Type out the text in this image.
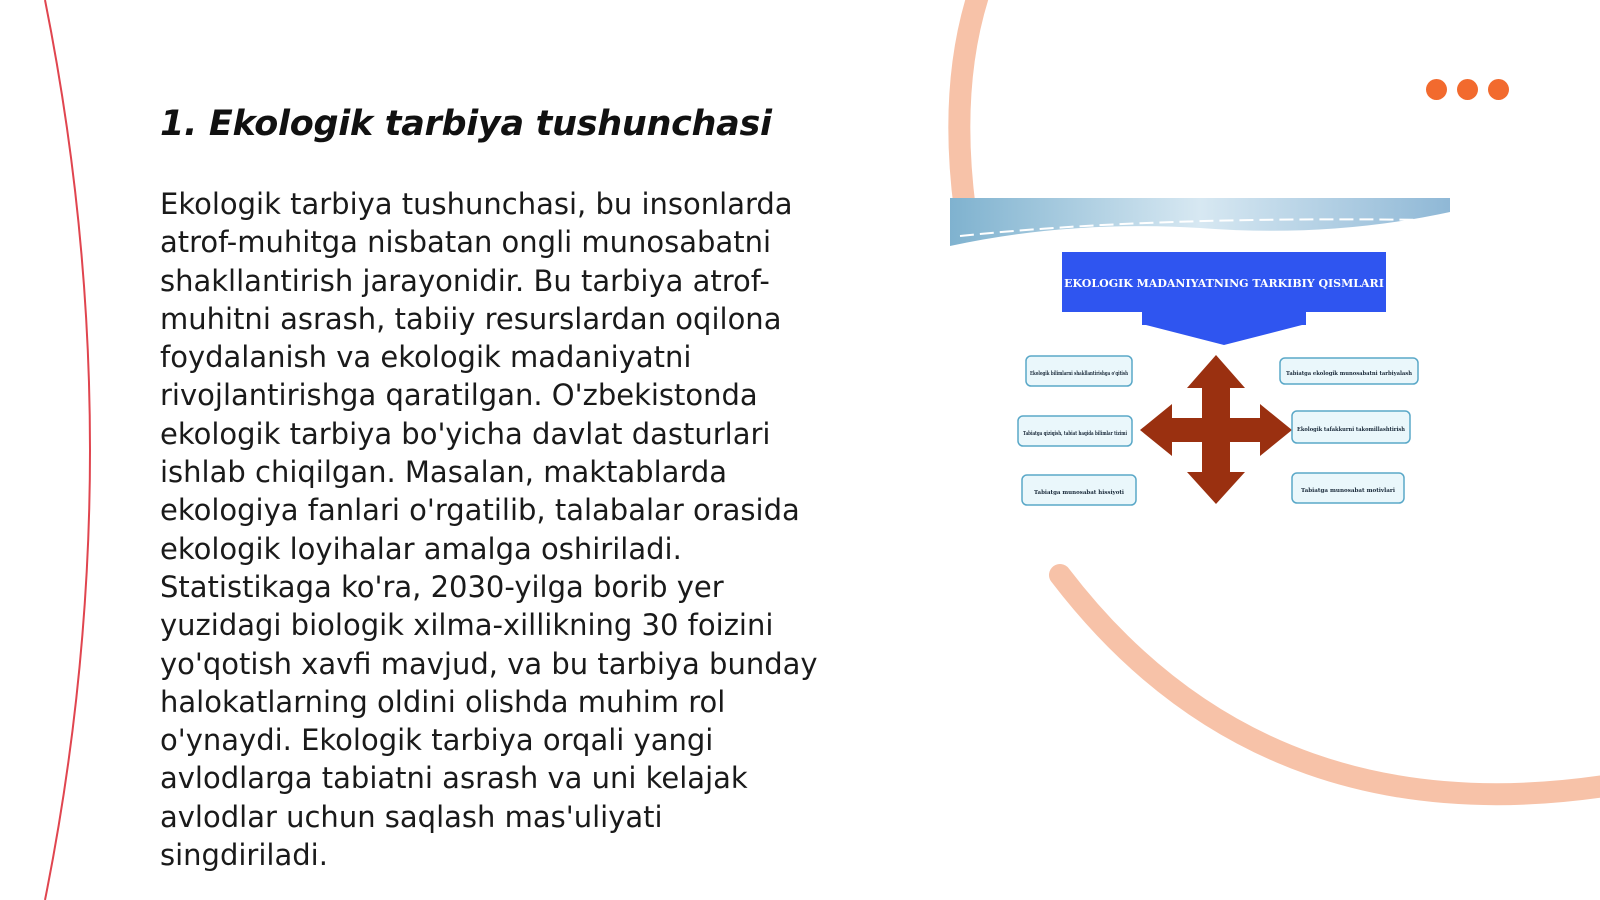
1. Ekologik tarbiya tushunchasi

Ekologik tarbiya tushunchasi, bu insonlarda atrof-muhitga nisbatan ongli munosabatni shakllantirish jarayonidir. Bu tarbiya atrof-muhitni asrash, tabiiy resurslardan oqilona foydalanish va ekologik madaniyatni rivojlantirishga qaratilgan. O'zbekistonda ekologik tarbiya bo'yicha davlat dasturlari ishlab chiqilgan. Masalan, maktablarda ekologiya fanlari o'rgatilib, talabalar orasida ekologik loyihalar amalga oshiriladi. Statistikaga ko'ra, 2030-yilga borib yer yuzidagi biologik xilma-xillikning 30 foizini yo'qotish xavfi mavjud, va bu tarbiya bunday halokatlarning oldini olishda muhim rol o'ynaydi. Ekologik tarbiya orqali yangi avlodlarga tabiatni asrash va uni kelajak avlodlar uchun saqlash mas'uliyati singdiriladi.

EKOLOGIK MADANIYATNING TARKIBIY QISMLARI
Ekologik bilimlarni shakllantirishga o'qitish
Tabiatga qiziqish, tabiat haqida bilimlar tizimi
Tabiatga munosabat hissiyoti
Tabiatga ekologik munosabatni tarbiyalash
Ekologik tafakkurni takomillashtirish
Tabiatga munosabat motivlari
